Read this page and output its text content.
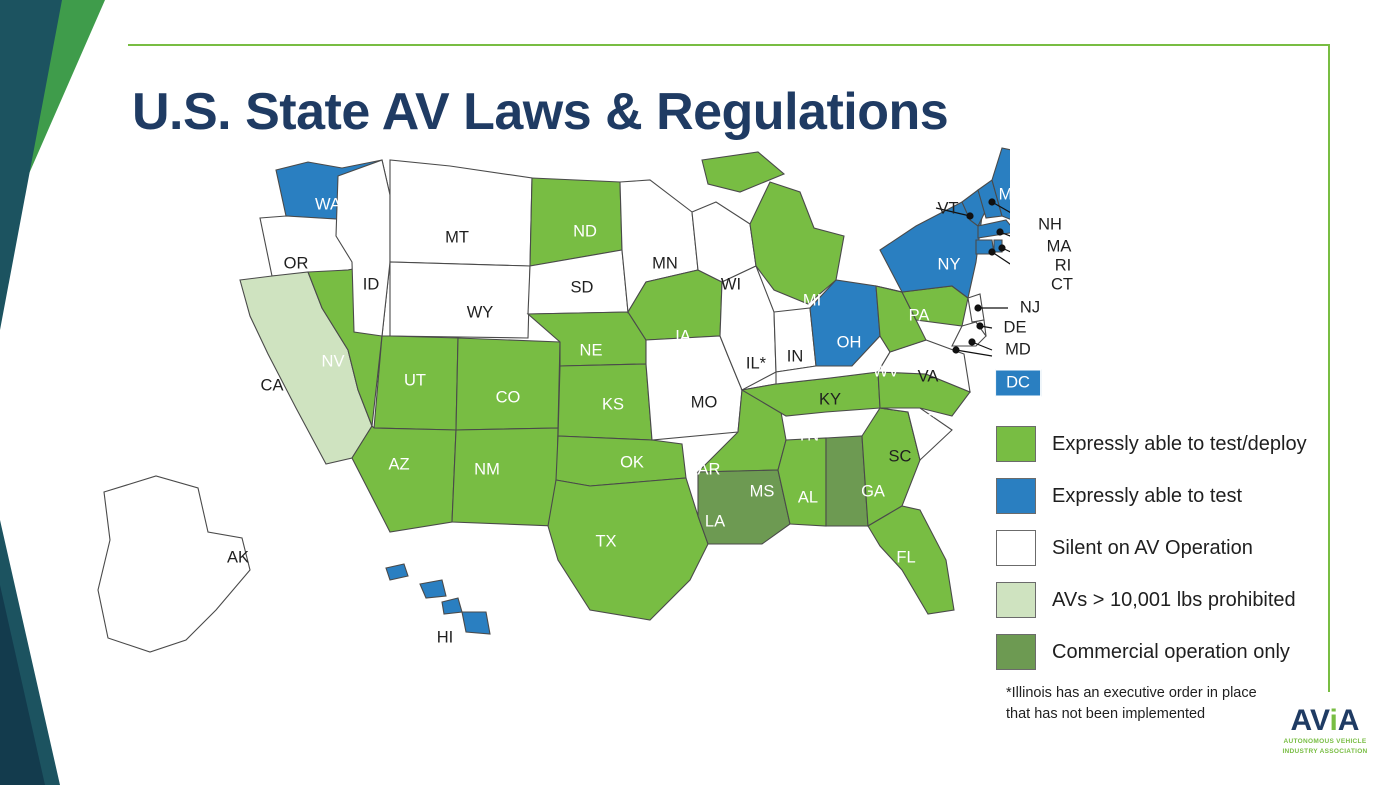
U.S. State AV Laws & Regulations
WA
OR
ID
MT	ND
MN
WI
MI
SD
WY
NV
CA	UT
CO
NE
IA
IL* IN
OH
PA
NY
ME
VT
NH
MA
RI
CT
NJ
DE
MD
WV VA
MO
KS	KY
TN
NC
SC
AZ	NM	OK	AR
MS AL	GA
LA
TX
FL
AK
HI
DC
Expressly able to test/deploy
Expressly able to test
Silent on AV Operation
AVs > 10,001 lbs prohibited
Commercial operation only
*Illinois has an executive order in place that has not been implemented	AViA
AUTONOMOUS VEHICLE
INDUSTRY ASSOCIATION
